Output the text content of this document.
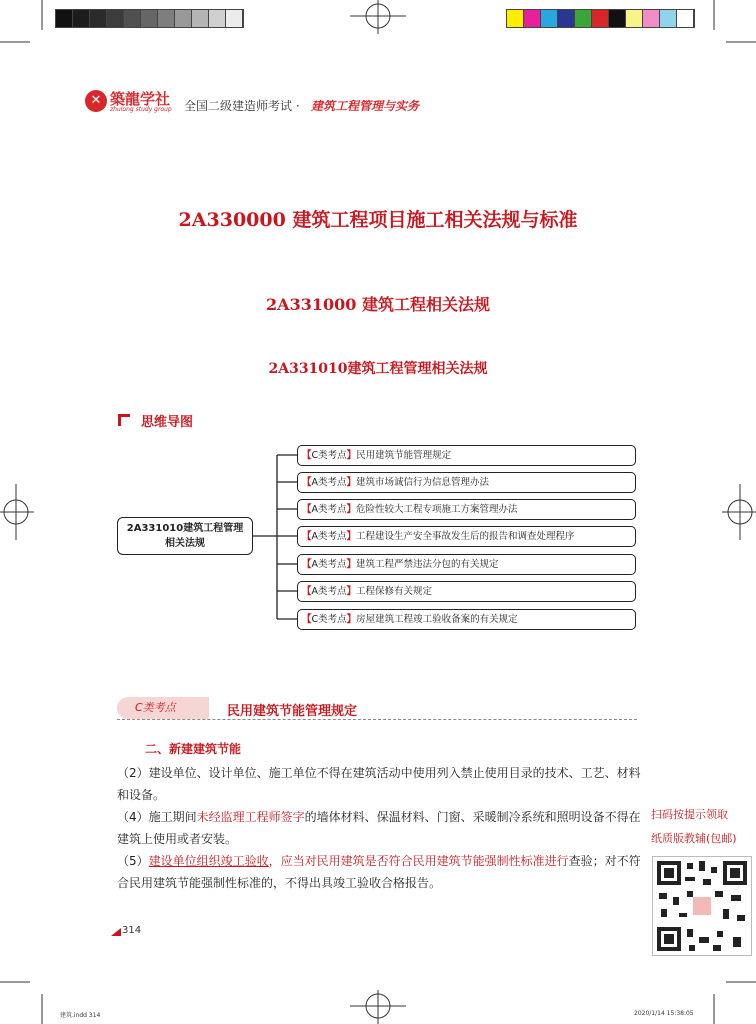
✕ 築龍学社
zhulong study group 全国二级建造师考试 · 建筑工程管理与实务
2A330000 建筑工程项目施工相关法规与标准
2A331000 建筑工程相关法规
2A331010建筑工程管理相关法规
思维导图
2A331010建筑工程管理
相关法规
【C类考点】民用建筑节能管理规定
【A类考点】建筑市场诚信行为信息管理办法
【A类考点】危险性较大工程专项施工方案管理办法
【A类考点】工程建设生产安全事故发生后的报告和调查处理程序
【A类考点】建筑工程严禁违法分包的有关规定
【A类考点】工程保修有关规定
【C类考点】房屋建筑工程竣工验收备案的有关规定
C类考点	民用建筑节能管理规定
二、新建建筑节能
（2）建设单位、设计单位、施工单位不得在建筑活动中使用列入禁止使用目录的技术、工艺、材料和设备。
（4）施工期间未经监理工程师签字的墙体材料、保温材料、门窗、采暖制冷系统和照明设备不得在建筑上使用或者安装。
（5）建设单位组织竣工验收，应当对民用建筑是否符合民用建筑节能强制性标准进行查验；对不符合民用建筑节能强制性标准的，不得出具竣工验收合格报告。
扫码按提示领取
纸质版教辅(包邮)
314
建筑.indd 314	2020/1/14 15:38:05
